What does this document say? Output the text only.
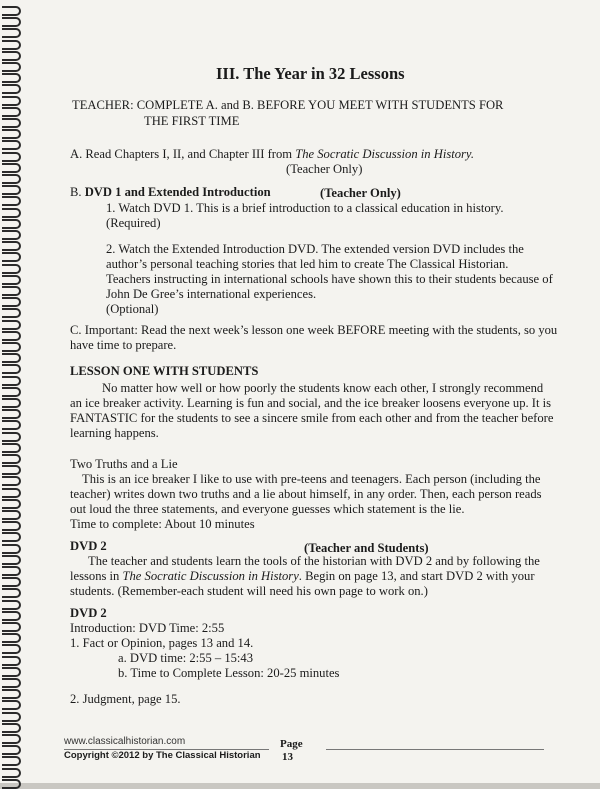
III. The Year in 32 Lessons
TEACHER: COMPLETE A. and B. BEFORE YOU MEET WITH STUDENTS FOR
THE FIRST TIME
A. Read Chapters I, II, and Chapter III from The Socratic Discussion in History.
(Teacher Only)
B. DVD 1 and Extended Introduction	(Teacher Only)
1. Watch DVD 1. This is a brief introduction to a classical education in history.
(Required)
2. Watch the Extended Introduction DVD. The extended version DVD includes the
author’s personal teaching stories that led him to create The Classical Historian.
Teachers instructing in international schools have shown this to their students because of
John De Gree’s international experiences.
(Optional)
C. Important: Read the next week’s lesson one week BEFORE meeting with the students, so you
have time to prepare.
LESSON ONE WITH STUDENTS
No matter how well or how poorly the students know each other, I strongly recommend
an ice breaker activity. Learning is fun and social, and the ice breaker loosens everyone up. It is
FANTASTIC for the students to see a sincere smile from each other and from the teacher before
learning happens.
Two Truths and a Lie
This is an ice breaker I like to use with pre-teens and teenagers. Each person (including the
teacher) writes down two truths and a lie about himself, in any order. Then, each person reads
out loud the three statements, and everyone guesses which statement is the lie.
Time to complete: About 10 minutes
DVD 2	(Teacher and Students)
The teacher and students learn the tools of the historian with DVD 2 and by following the
lessons in The Socratic Discussion in History. Begin on page 13, and start DVD 2 with your
students. (Remember-each student will need his own page to work on.)
DVD 2
Introduction: DVD Time: 2:55
1. Fact or Opinion, pages 13 and 14.
a. DVD time: 2:55 – 15:43
b. Time to Complete Lesson: 20-25 minutes
2. Judgment, page 15.
www.classicalhistorian.com
Copyright ©2012 by The Classical Historian
Page
13
